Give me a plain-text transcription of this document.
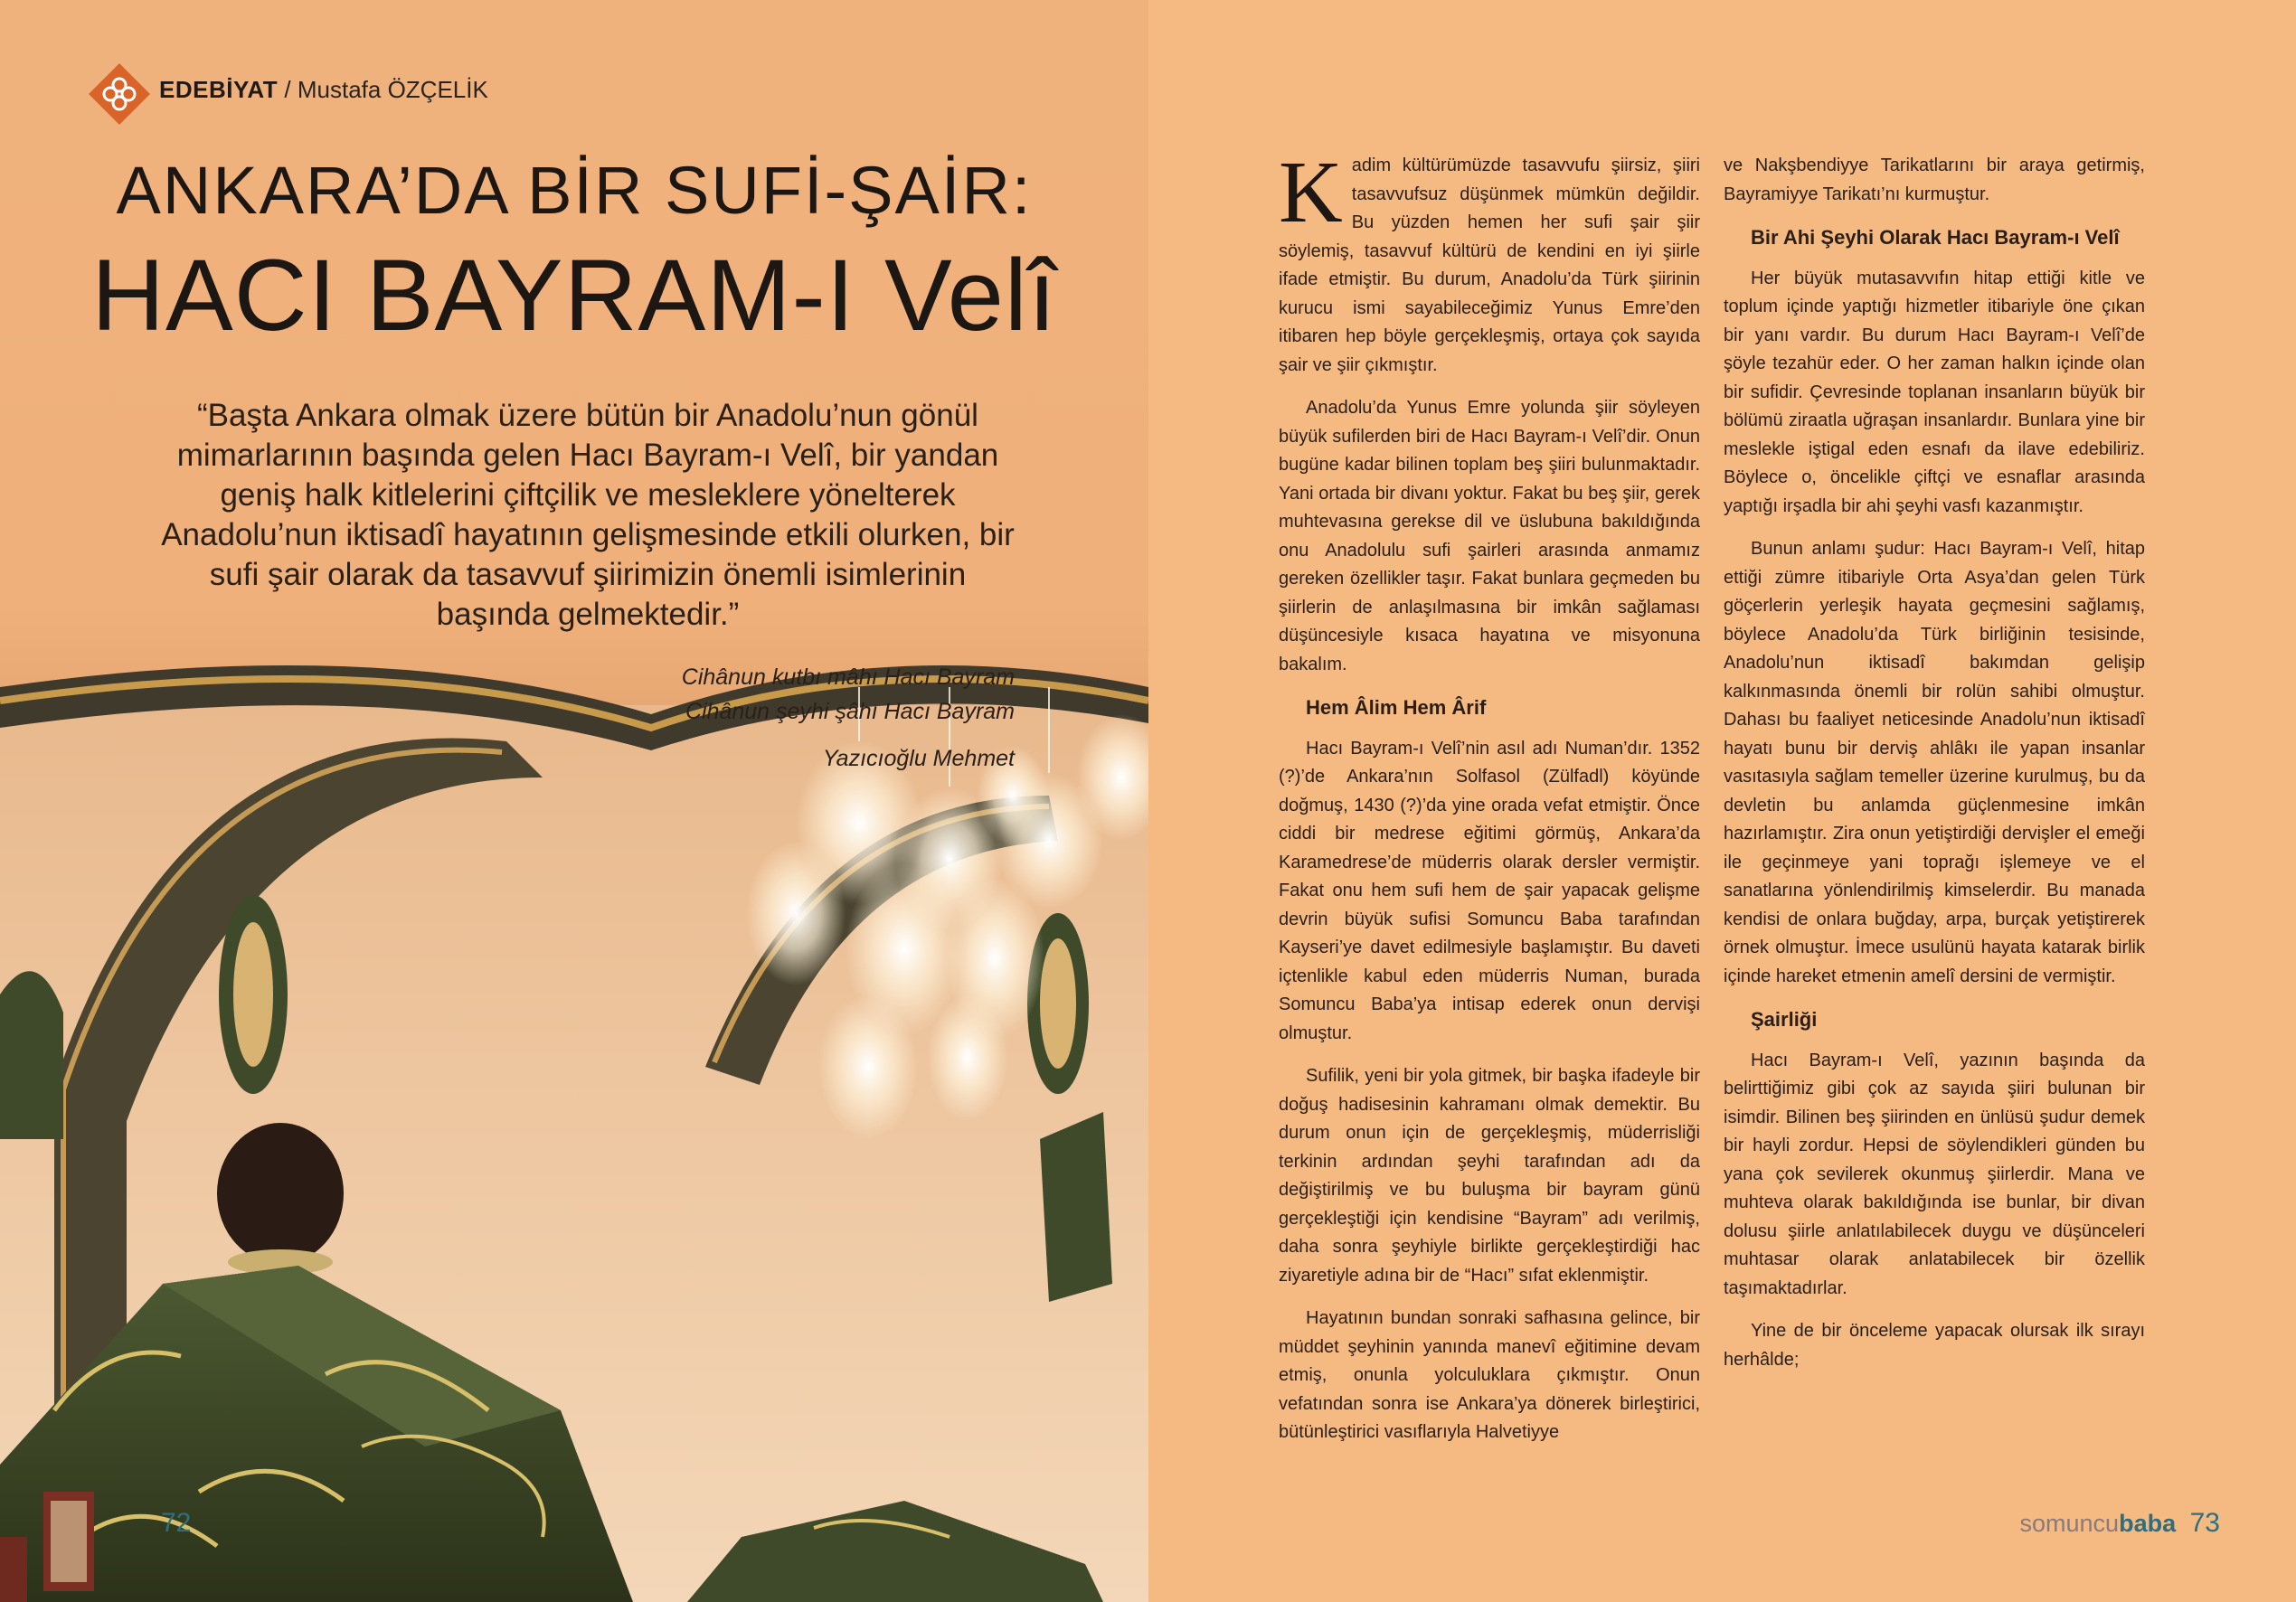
EDEBİYAT / Mustafa ÖZÇELİK
ANKARA’DA BİR SUFİ-ŞAİR:
HACI BAYRAM-I Velî
“Başta Ankara olmak üzere bütün bir Anadolu’nun gönül mimarlarının başında gelen Hacı Bayram-ı Velî, bir yandan geniş halk kitlelerini çiftçilik ve mesleklere yönelterek Anadolu’nun iktisadî hayatının gelişmesinde etkili olurken, bir sufi şair olarak da tasavvuf şiirimizin önemli isimlerinin başında gelmektedir.”
Cihânun kutbı mâhı Hacı Bayram
Cihânun şeyhi şâhı Hacı Bayram
Yazıcıoğlu Mehmet
72

Kadim kültürümüzde tasavvufu şiirsiz, şiiri tasavvufsuz düşünmek mümkün değildir. Bu yüzden hemen her sufi şair şiir söylemiş, tasavvuf kültürü de kendini en iyi şiirle ifade etmiştir. Bu durum, Anadolu’da Türk şiirinin kurucu ismi sayabileceğimiz Yunus Emre’den itibaren hep böyle gerçekleşmiş, ortaya çok sayıda şair ve şiir çıkmıştır.

Anadolu’da Yunus Emre yolunda şiir söyleyen büyük sufilerden biri de Hacı Bayram-ı Velî’dir. Onun bugüne kadar bilinen toplam beş şiiri bulunmaktadır. Yani ortada bir divanı yoktur. Fakat bu beş şiir, gerek muhtevasına gerekse dil ve üslubuna bakıldığında onu Anadolulu sufi şairleri arasında anmamız gereken özellikler taşır. Fakat bunlara geçmeden bu şiirlerin de anlaşılmasına bir imkân sağlaması düşüncesiyle kısaca hayatına ve misyonuna bakalım.

Hem Âlim Hem Ârif

Hacı Bayram-ı Velî’nin asıl adı Numan’dır. 1352 (?)’de Ankara’nın Solfasol (Zülfadl) köyünde doğmuş, 1430 (?)’da yine orada vefat etmiştir. Önce ciddi bir medrese eğitimi görmüş, Ankara’da Karamedrese’de müderris olarak dersler vermiştir. Fakat onu hem sufi hem de şair yapacak gelişme devrin büyük sufisi Somuncu Baba tarafından Kayseri’ye davet edilmesiyle başlamıştır. Bu daveti içtenlikle kabul eden müderris Numan, burada Somuncu Baba’ya intisap ederek onun dervişi olmuştur.

Sufilik, yeni bir yola gitmek, bir başka ifadeyle bir doğuş hadisesinin kahramanı olmak demektir. Bu durum onun için de gerçekleşmiş, müderrisliği terkinin ardından şeyhi tarafından adı da değiştirilmiş ve bu buluşma bir bayram günü gerçekleştiği için kendisine “Bayram” adı verilmiş, daha sonra şeyhiyle birlikte gerçekleştirdiği hac ziyaretiyle adına bir de “Hacı” sıfat eklenmiştir.

Hayatının bundan sonraki safhasına gelince, bir müddet şeyhinin yanında manevî eğitimine devam etmiş, onunla yolculuklara çıkmıştır. Onun vefatından sonra ise Ankara’ya dönerek birleştirici, bütünleştirici vasıflarıyla Halvetiyye

ve Nakşbendiyye Tarikatlarını bir araya getirmiş, Bayramiyye Tarikatı’nı kurmuştur.

Bir Ahi Şeyhi Olarak Hacı Bayram-ı Velî

Her büyük mutasavvıfın hitap ettiği kitle ve toplum içinde yaptığı hizmetler itibariyle öne çıkan bir yanı vardır. Bu durum Hacı Bayram-ı Velî’de şöyle tezahür eder. O her zaman halkın içinde olan bir sufidir. Çevresinde toplanan insanların büyük bir bölümü ziraatla uğraşan insanlardır. Bunlara yine bir meslekle iştigal eden esnafı da ilave edebiliriz. Böylece o, öncelikle çiftçi ve esnaflar arasında yaptığı irşadla bir ahi şeyhi vasfı kazanmıştır.

Bunun anlamı şudur: Hacı Bayram-ı Velî, hitap ettiği zümre itibariyle Orta Asya’dan gelen Türk göçerlerin yerleşik hayata geçmesini sağlamış, böylece Anadolu’da Türk birliğinin tesisinde, Anadolu’nun iktisadî bakımdan gelişip kalkınmasında önemli bir rolün sahibi olmuştur. Dahası bu faaliyet neticesinde Anadolu’nun iktisadî hayatı bunu bir derviş ahlâkı ile yapan insanlar vasıtasıyla sağlam temeller üzerine kurulmuş, bu da devletin bu anlamda güçlenmesine imkân hazırlamıştır. Zira onun yetiştirdiği dervişler el emeği ile geçinmeye yani toprağı işlemeye ve el sanatlarına yönlendirilmiş kimselerdir. Bu manada kendisi de onlara buğday, arpa, burçak yetiştirerek örnek olmuştur. İmece usulünü hayata katarak birlik içinde hareket etmenin amelî dersini de vermiştir.

Şairliği

Hacı Bayram-ı Velî, yazının başında da belirttiğimiz gibi çok az sayıda şiiri bulunan bir isimdir. Bilinen beş şiirinden en ünlüsü şudur demek bir hayli zordur. Hepsi de söylendikleri günden bu yana çok sevilerek okunmuş şiirlerdir. Mana ve muhteva olarak bakıldığında ise bunlar, bir divan dolusu şiirle anlatılabilecek duygu ve düşünceleri muhtasar olarak anlatabilecek bir özellik taşımaktadırlar.

Yine de bir önceleme yapacak olursak ilk sırayı herhâlde;

somuncubaba 73
